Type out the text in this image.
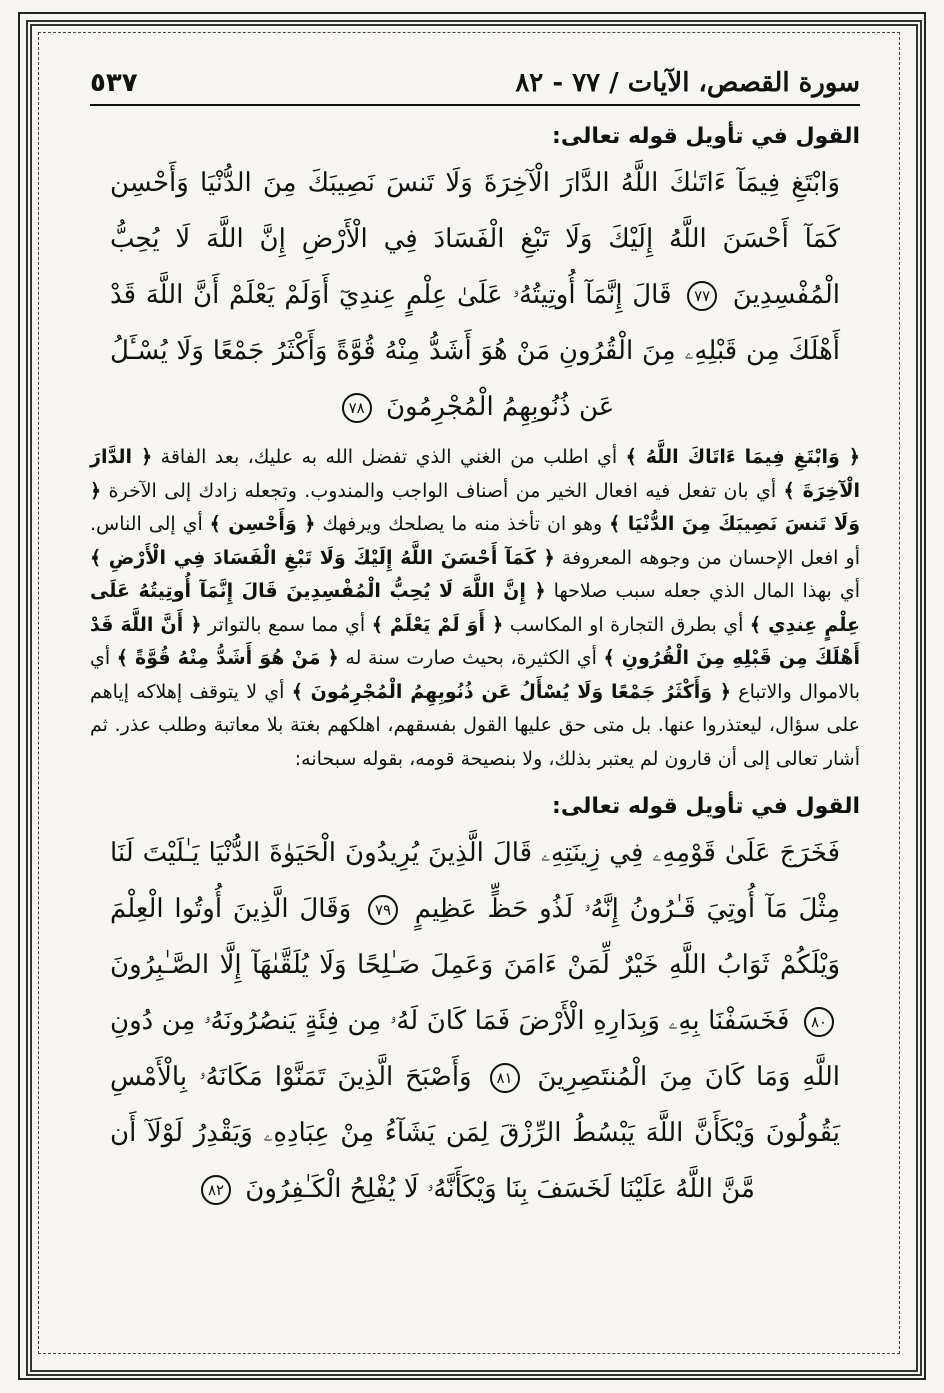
سورة القصص، الآيات / ٧٧ - ٨٢
٥٣٧
القول في تأويل قوله تعالى:
وَابْتَغِ فِيمَآ ءَاتَىٰكَ اللَّهُ الدَّارَ الْآخِرَةَ وَلَا تَنسَ نَصِيبَكَ مِنَ الدُّنْيَا وَأَحْسِن كَمَآ أَحْسَنَ اللَّهُ إِلَيْكَ وَلَا تَبْغِ الْفَسَادَ فِي الْأَرْضِ إِنَّ اللَّهَ لَا يُحِبُّ الْمُفْسِدِينَ ٧٧ قَالَ إِنَّمَآ أُوتِيتُهُۥ عَلَىٰ عِلْمٍ عِندِيٓ أَوَلَمْ يَعْلَمْ أَنَّ اللَّهَ قَدْ أَهْلَكَ مِن قَبْلِهِۦ مِنَ الْقُرُونِ مَنْ هُوَ أَشَدُّ مِنْهُ قُوَّةً وَأَكْثَرُ جَمْعًا وَلَا يُسْـَٔلُ عَن ذُنُوبِهِمُ الْمُجْرِمُونَ ٧٨
﴿ وَابْتَغِ فِيمَا ءَاتَاكَ اللَّهُ ﴾ أي اطلب من الغني الذي تفضل الله به عليك، بعد الفاقة ﴿ الدَّارَ الْآخِرَةَ ﴾ أي بان تفعل فيه افعال الخير من أصناف الواجب والمندوب. وتجعله زادك إلى الآخرة ﴿ وَلَا تَنسَ نَصِيبَكَ مِنَ الدُّنْيَا ﴾ وهو ان تأخذ منه ما يصلحك ويرفهك ﴿ وَأَحْسِن ﴾ أي إلى الناس. أو افعل الإحسان من وجوهه المعروفة ﴿ كَمَآ أَحْسَنَ اللَّهُ إِلَيْكَ وَلَا تَبْغِ الْفَسَادَ فِي الْأَرْضِ ﴾ أي بهذا المال الذي جعله سبب صلاحها ﴿ إِنَّ اللَّهَ لَا يُحِبُّ الْمُفْسِدِينَ قَالَ إِنَّمَآ أُوتِيتُهُ عَلَى عِلْمٍ عِندِي ﴾ أي بطرق التجارة او المكاسب ﴿ أَوَ لَمْ يَعْلَمْ ﴾ أي مما سمع بالتواتر ﴿ أَنَّ اللَّهَ قَدْ أَهْلَكَ مِن قَبْلِهِ مِنَ الْقُرُونِ ﴾ أي الكثيرة، بحيث صارت سنة له ﴿ مَنْ هُوَ أَشَدُّ مِنْهُ قُوَّةً ﴾ أي بالاموال والاتباع ﴿ وَأَكْثَرُ جَمْعًا وَلَا يُسْأَلُ عَن ذُنُوبِهِمُ الْمُجْرِمُونَ ﴾ أي لا يتوقف إهلاكه إياهم على سؤال، ليعتذروا عنها. بل متى حق عليها القول بفسقهم، اهلكهم بغتة بلا معاتبة وطلب عذر. ثم أشار تعالى إلى أن قارون لم يعتبر بذلك، ولا بنصيحة قومه، بقوله سبحانه:
القول في تأويل قوله تعالى:
فَخَرَجَ عَلَىٰ قَوْمِهِۦ فِي زِينَتِهِۦ قَالَ الَّذِينَ يُرِيدُونَ الْحَيَوٰةَ الدُّنْيَا يَـٰلَيْتَ لَنَا مِثْلَ مَآ أُوتِيَ قَـٰرُونُ إِنَّهُۥ لَذُو حَظٍّ عَظِيمٍ ٧٩ وَقَالَ الَّذِينَ أُوتُوا الْعِلْمَ وَيْلَكُمْ ثَوَابُ اللَّهِ خَيْرٌ لِّمَنْ ءَامَنَ وَعَمِلَ صَـٰلِحًا وَلَا يُلَقَّىٰهَآ إِلَّا الصَّـٰبِرُونَ ٨٠ فَخَسَفْنَا بِهِۦ وَبِدَارِهِ الْأَرْضَ فَمَا كَانَ لَهُۥ مِن فِئَةٍ يَنصُرُونَهُۥ مِن دُونِ اللَّهِ وَمَا كَانَ مِنَ الْمُنتَصِرِينَ ٨١ وَأَصْبَحَ الَّذِينَ تَمَنَّوْا مَكَانَهُۥ بِالْأَمْسِ يَقُولُونَ وَيْكَأَنَّ اللَّهَ يَبْسُطُ الرِّزْقَ لِمَن يَشَآءُ مِنْ عِبَادِهِۦ وَيَقْدِرُ لَوْلَآ أَن مَّنَّ اللَّهُ عَلَيْنَا لَخَسَفَ بِنَا وَيْكَأَنَّهُۥ لَا يُفْلِحُ الْكَـٰفِرُونَ ٨٢
